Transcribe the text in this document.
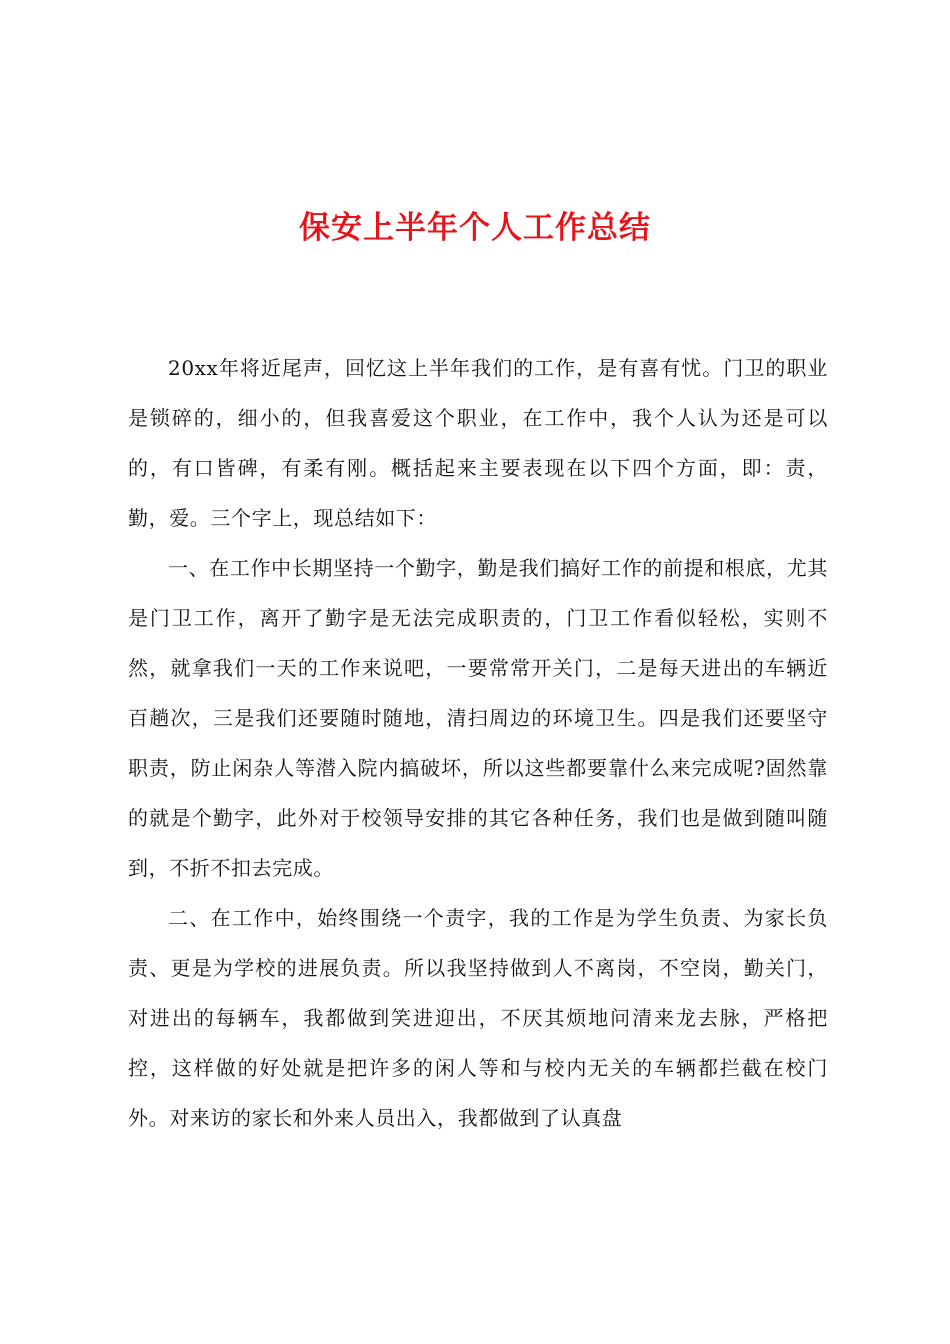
保安上半年个人工作总结

20xx年将近尾声，回忆这上半年我们的工作，是有喜有忧。门卫的职业是锁碎的，细小的，但我喜爱这个职业，在工作中，我个人认为还是可以的，有口皆碑，有柔有刚。概括起来主要表现在以下四个方面，即：责，勤，爱。三个字上，现总结如下：

一、在工作中长期坚持一个勤字，勤是我们搞好工作的前提和根底，尤其是门卫工作，离开了勤字是无法完成职责的，门卫工作看似轻松，实则不然，就拿我们一天的工作来说吧，一要常常开关门，二是每天进出的车辆近百趟次，三是我们还要随时随地，清扫周边的环境卫生。四是我们还要坚守职责，防止闲杂人等潜入院内搞破坏，所以这些都要靠什么来完成呢?固然靠的就是个勤字，此外对于校领导安排的其它各种任务，我们也是做到随叫随到，不折不扣去完成。

二、在工作中，始终围绕一个责字，我的工作是为学生负责、为家长负责、更是为学校的进展负责。所以我坚持做到人不离岗，不空岗，勤关门，对进出的每辆车，我都做到笑进迎出，不厌其烦地问清来龙去脉，严格把控，这样做的好处就是把许多的闲人等和与校内无关的车辆都拦截在校门外。对来访的家长和外来人员出入，我都做到了认真盘
